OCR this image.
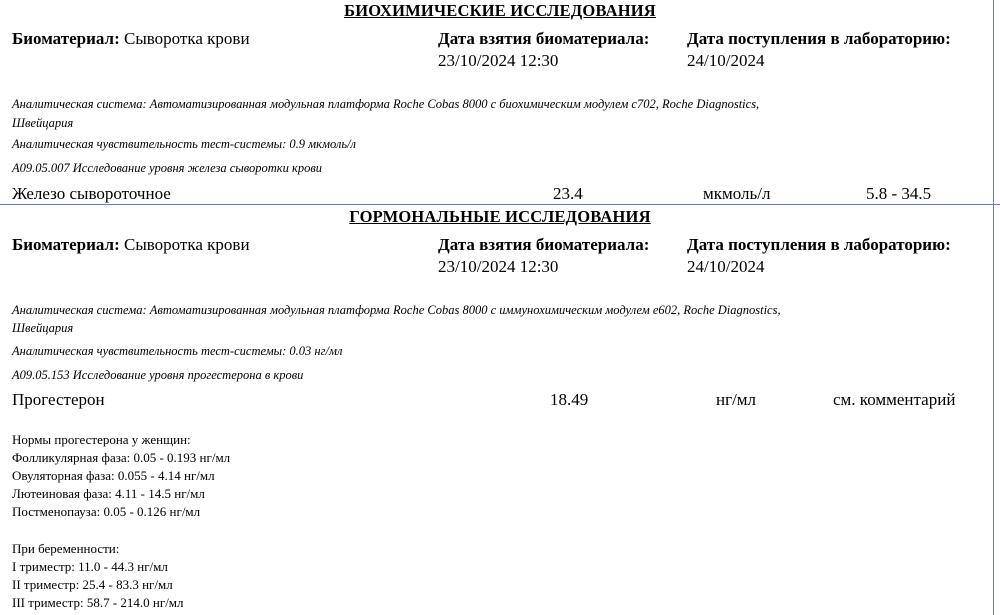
БИОХИМИЧЕСКИЕ ИССЛЕДОВАНИЯ
Биоматериал: Сыворотка крови	Дата взятия биоматериала:
23/10/2024 12:30
Дата поступления в лабораторию:
24/10/2024
Аналитическая система: Автоматизированная модульная платформа Roche Cobas 8000 с биохимическим модулем c702, Roche Diagnostics,
Швейцария
Аналитическая чувствительность тест-системы: 0.9 мкмоль/л
A09.05.007 Исследование уровня железа сыворотки крови
Железо сывороточное	23.4	мкмоль/л	5.8 - 34.5
ГОРМОНАЛЬНЫЕ ИССЛЕДОВАНИЯ
Биоматериал: Сыворотка крови	Дата взятия биоматериала:
23/10/2024 12:30
Дата поступления в лабораторию:
24/10/2024
Аналитическая система: Автоматизированная модульная платформа Roche Cobas 8000 с иммунохимическим модулем e602, Roche Diagnostics,
Швейцария
Аналитическая чувствительность тест-системы: 0.03 нг/мл
A09.05.153 Исследование уровня прогестерона в крови
Прогестерон	18.49	нг/мл	см. комментарий
Нормы прогестерона у женщин:
Фолликулярная фаза: 0.05 - 0.193 нг/мл
Овуляторная фаза: 0.055 - 4.14 нг/мл
Лютеиновая фаза: 4.11 - 14.5 нг/мл
Постменопауза: 0.05 - 0.126 нг/мл
При беременности:
I триместр: 11.0 - 44.3 нг/мл
II триместр: 25.4 - 83.3 нг/мл
III триместр: 58.7 - 214.0 нг/мл
